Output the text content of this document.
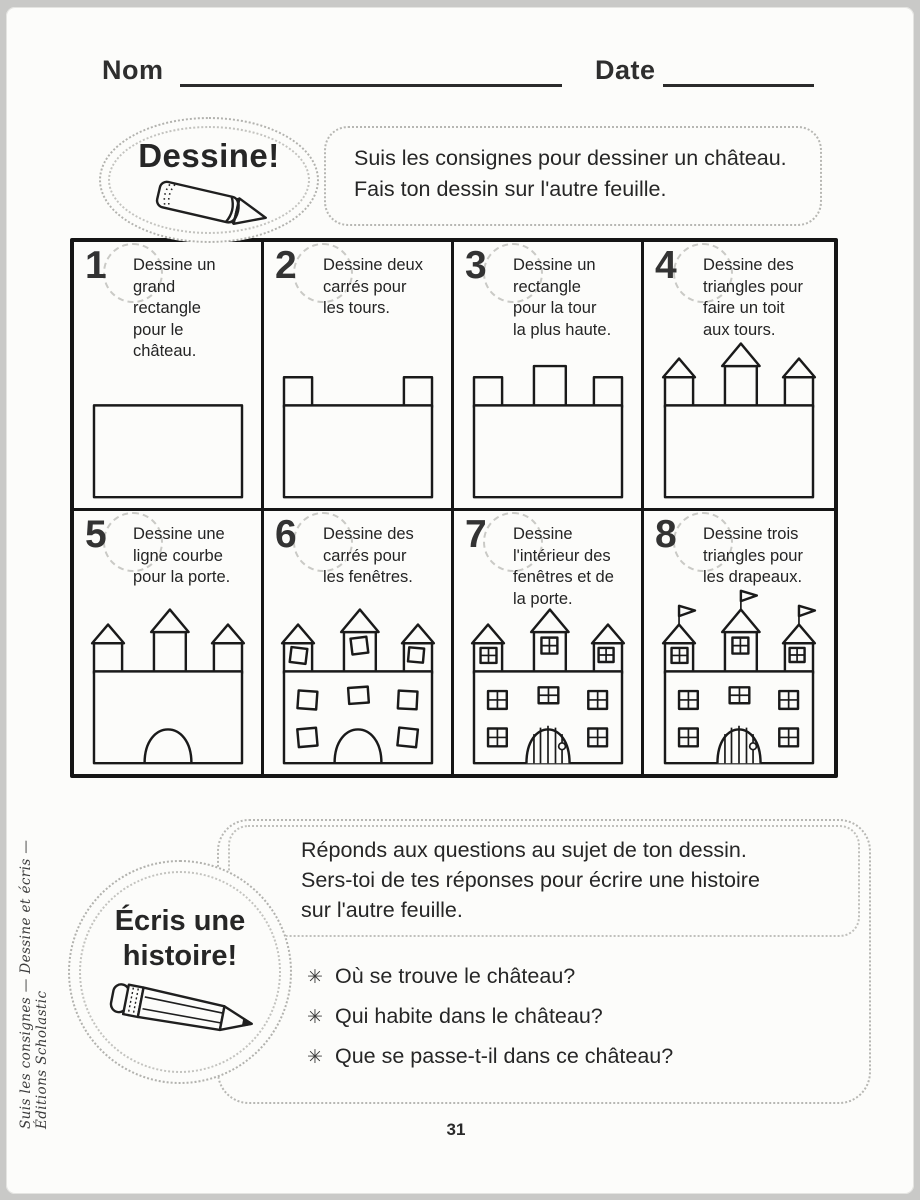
Nom	Date
Dessine!	Suis les consignes pour dessiner un château.
Fais ton dessin sur l'autre feuille.
1 Dessine un
grand
rectangle
pour le
château.
2 Dessine deux
carrés pour
les tours.
3 Dessine un
rectangle
pour la tour
la plus haute.
4 Dessine des
triangles pour
faire un toit
aux tours.
5 Dessine une
ligne courbe
pour la porte.
6 Dessine des
carrés pour
les fenêtres.
7 Dessine
l'intérieur des
fenêtres et de
la porte.
8 Dessine trois
triangles pour
les drapeaux.
Réponds aux questions au sujet de ton dessin.
Sers-toi de tes réponses pour écrire une histoire
sur l'autre feuille.
✳ Où se trouve le château?
✳ Qui habite dans le château?
✳ Que se passe-t-il dans ce château?
Écris une
histoire!
Suis les consignes — Dessine et écris — Éditions Scholastic
31
